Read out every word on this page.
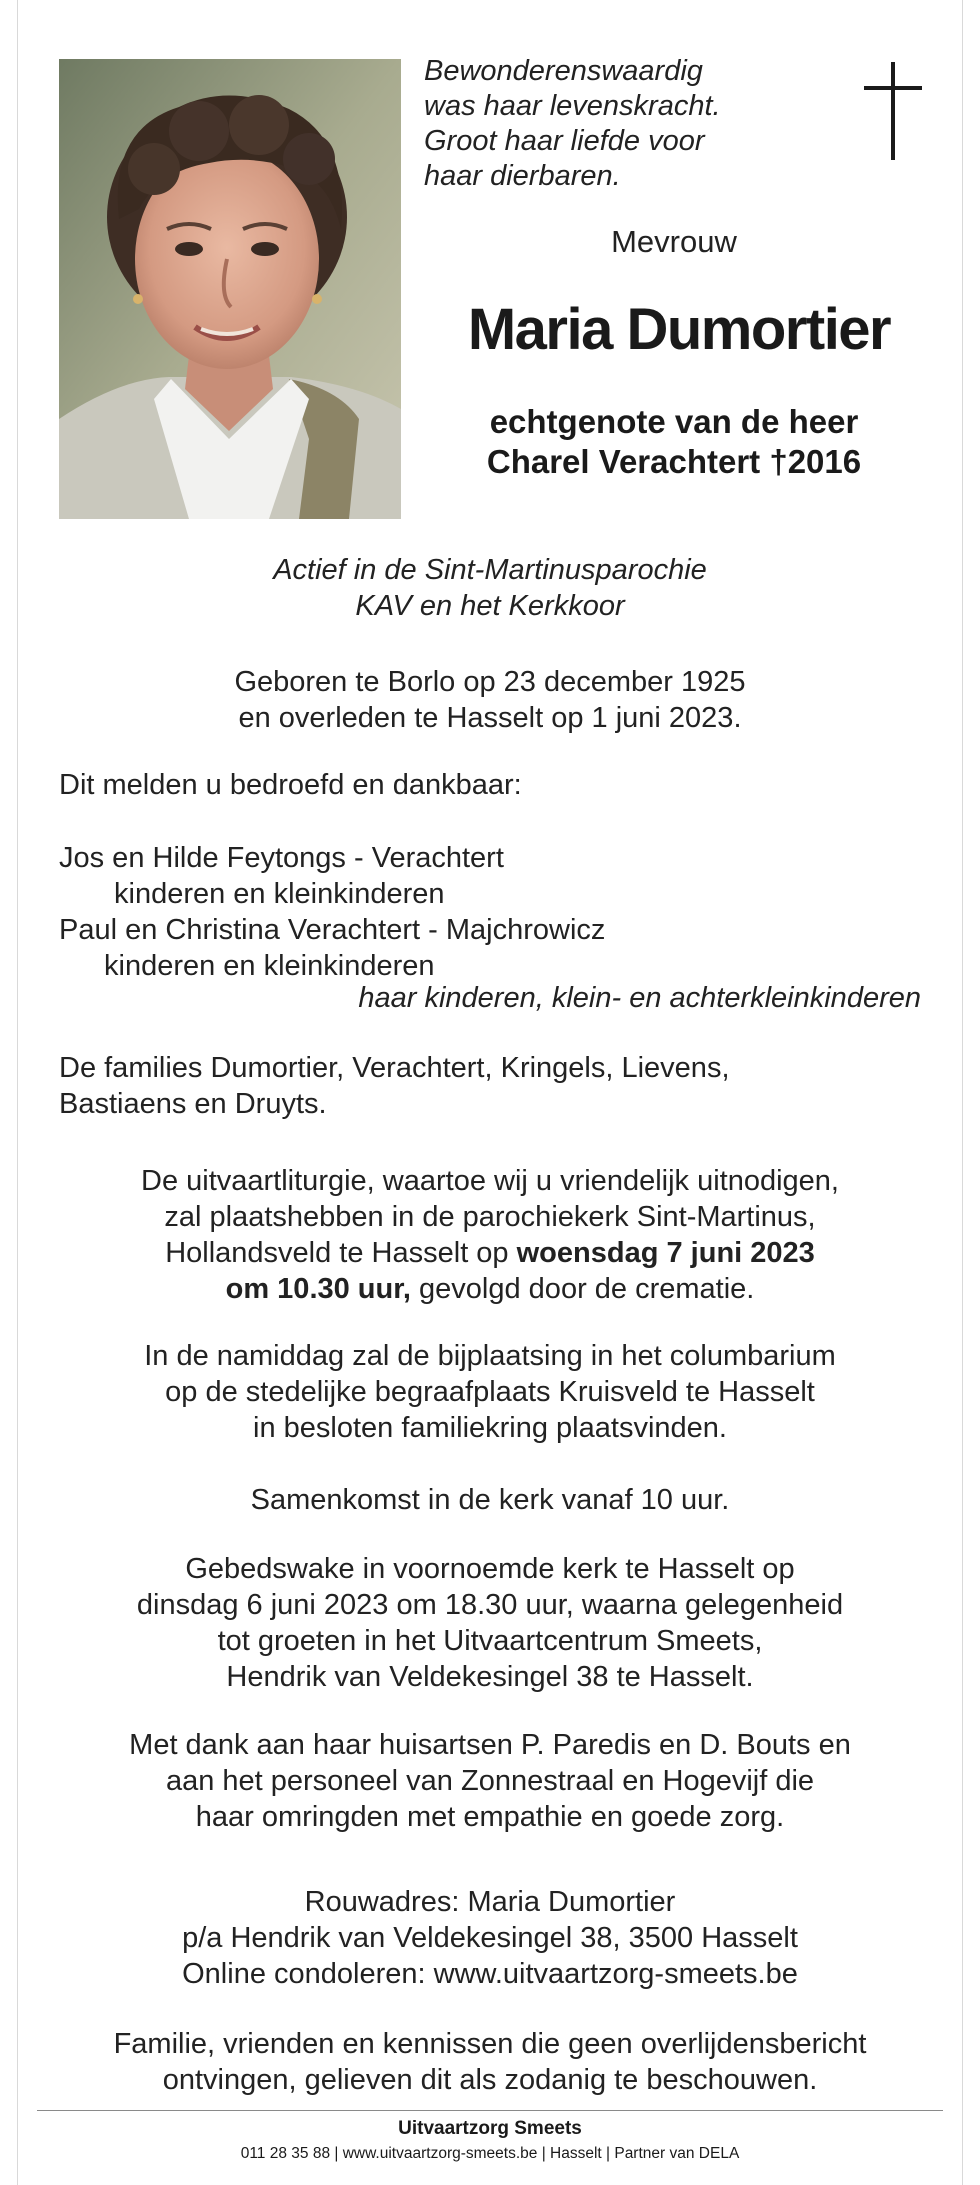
Bewonderenswaardig
was haar levenskracht.
Groot haar liefde voor
haar dierbaren.
Mevrouw
Maria Dumortier
echtgenote van de heer
Charel Verachtert †2016
Actief in de Sint-Martinusparochie
KAV en het Kerkkoor
Geboren te Borlo op 23 december 1925
en overleden te Hasselt op 1 juni 2023.
Dit melden u bedroefd en dankbaar:
Jos en Hilde Feytongs - Verachtert
kinderen en kleinkinderen
Paul en Christina Verachtert - Majchrowicz
kinderen en kleinkinderen
haar kinderen, klein- en achterkleinkinderen
De families Dumortier, Verachtert, Kringels, Lievens,
Bastiaens en Druyts.
De uitvaartliturgie, waartoe wij u vriendelijk uitnodigen,
zal plaatshebben in de parochiekerk Sint-Martinus,
Hollandsveld te Hasselt op woensdag 7 juni 2023
om 10.30 uur, gevolgd door de crematie.
In de namiddag zal de bijplaatsing in het columbarium
op de stedelijke begraafplaats Kruisveld te Hasselt
in besloten familiekring plaatsvinden.
Samenkomst in de kerk vanaf 10 uur.
Gebedswake in voornoemde kerk te Hasselt op
dinsdag 6 juni 2023 om 18.30 uur, waarna gelegenheid
tot groeten in het Uitvaartcentrum Smeets,
Hendrik van Veldekesingel 38 te Hasselt.
Met dank aan haar huisartsen P. Paredis en D. Bouts en
aan het personeel van Zonnestraal en Hogevijf die
haar omringden met empathie en goede zorg.
Rouwadres: Maria Dumortier
p/a Hendrik van Veldekesingel 38, 3500 Hasselt
Online condoleren: www.uitvaartzorg-smeets.be
Familie, vrienden en kennissen die geen overlijdensbericht
ontvingen, gelieven dit als zodanig te beschouwen.
Uitvaartzorg Smeets
011 28 35 88 | www.uitvaartzorg-smeets.be | Hasselt | Partner van DELA
